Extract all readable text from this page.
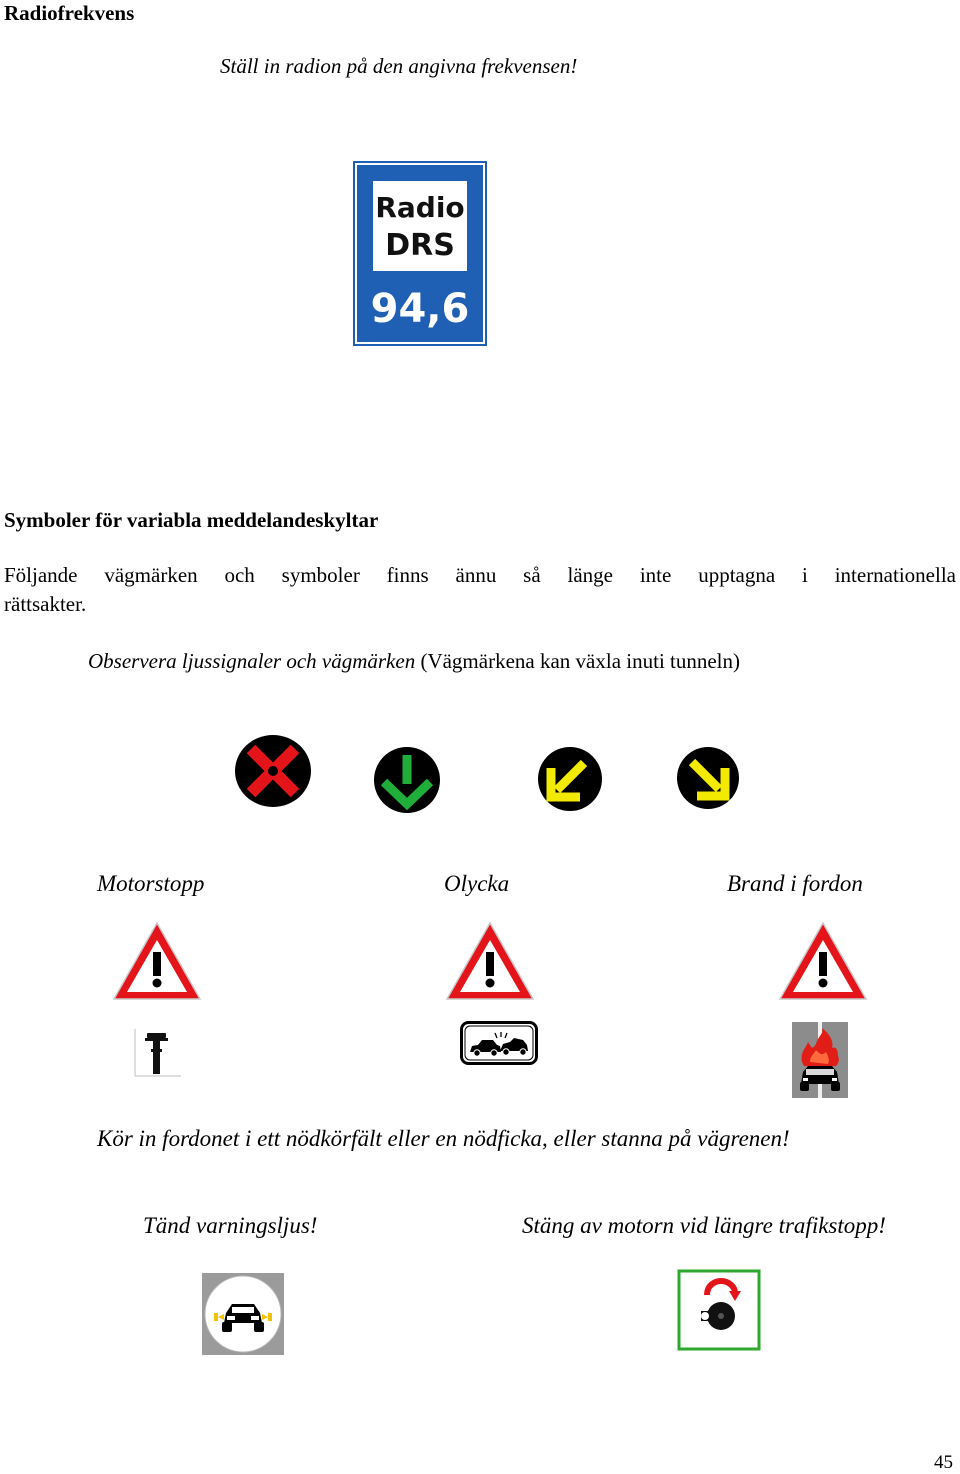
Radiofrekvens
Ställ in radion på den angivna frekvensen!
Radio
DRS
94,6
Symboler för variabla meddelandeskyltar
Följande vägmärken och symboler finns ännu så länge inte upptagna i internationella
rättsakter.
Observera ljussignaler och vägmärken (Vägmärkena kan växla inuti tunneln)
Motorstopp	Olycka	Brand i fordon
Kör in fordonet i ett nödkörfält eller en nödficka, eller stanna på vägrenen!
Tänd varningsljus!	Stäng av motorn vid längre trafikstopp!
45
